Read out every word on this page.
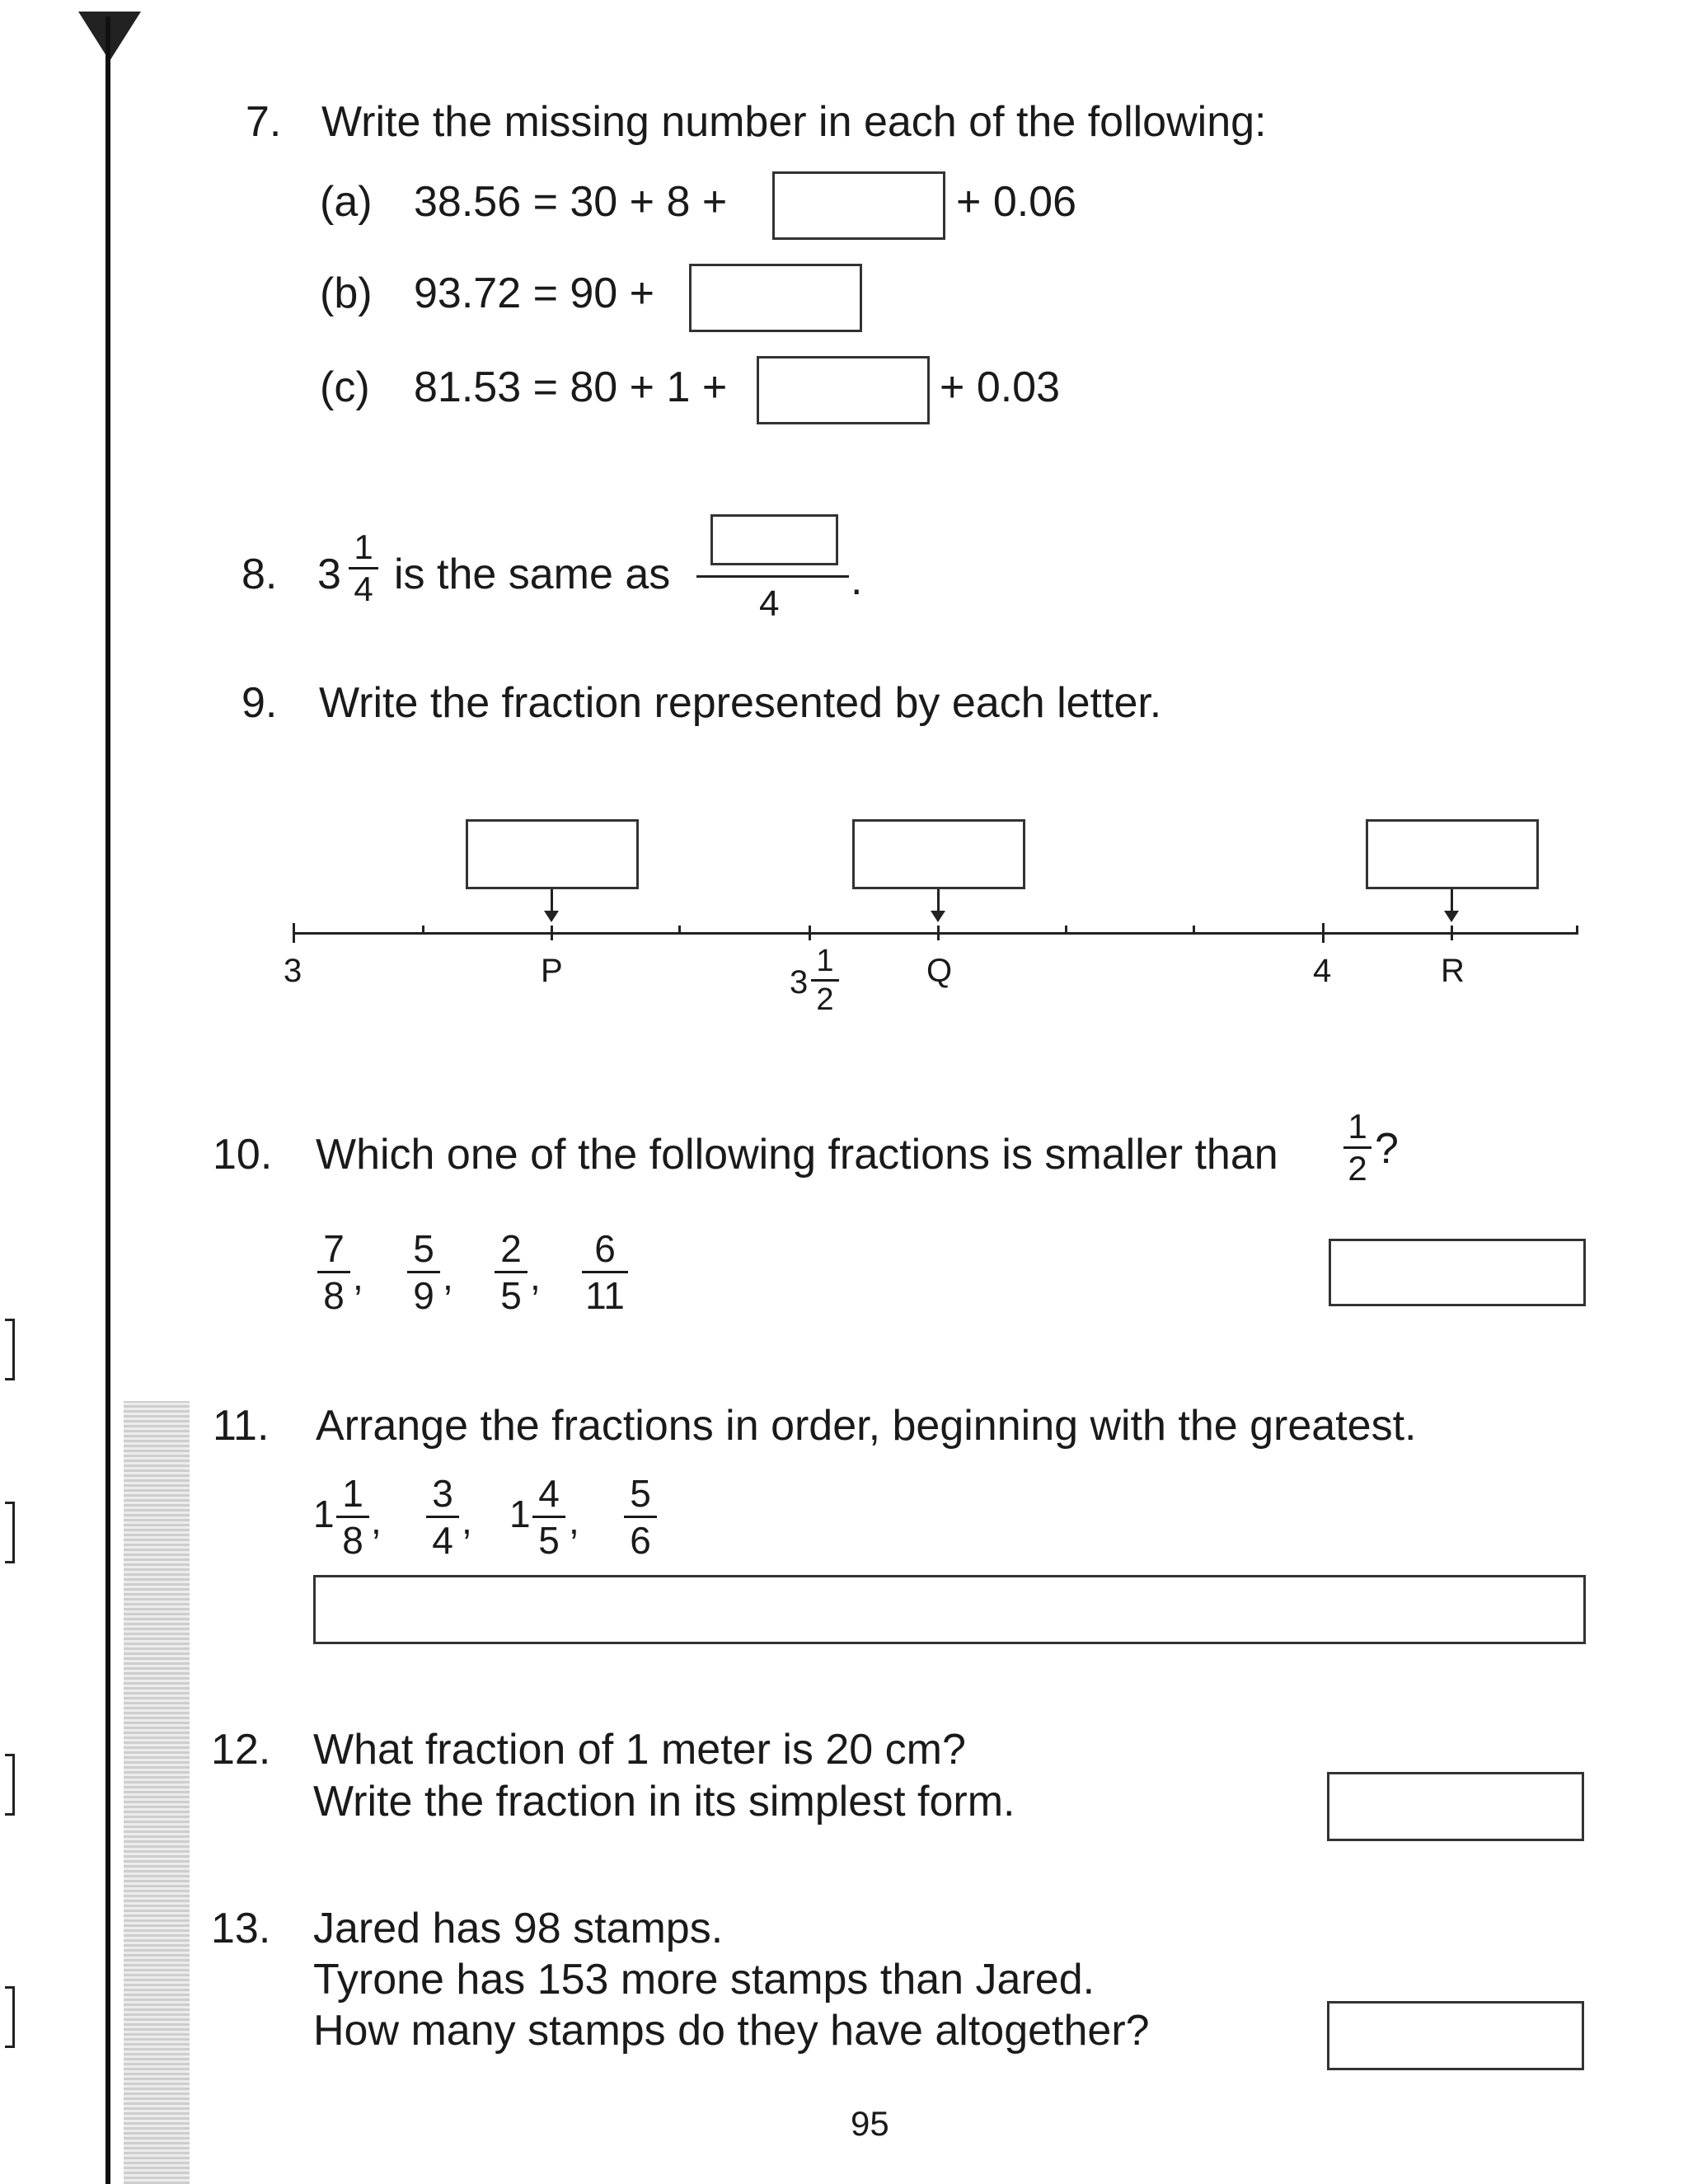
7. Write the missing number in each of the following:
(a) 38.56 = 30 + 8 +	+ 0.06
(b) 93.72 = 90 +
(c) 81.53 = 80 + 1 +	+ 0.03
8. 3
1
4 is the same as
4 .
9. Write the fraction represented by each letter.
3	P	3
1
2
Q	4	R
10. Which one of the following fractions is smaller than
1
2 ?
7
8 ,
5
9 ,
2
5 ,
6
11
11. Arrange the fractions in order, beginning with the greatest.
1 1
8 ,
3
4 , 1 4
5 ,
5
6
12. What fraction of 1 meter is 20 cm?
Write the fraction in its simplest form.
13. Jared has 98 stamps.
Tyrone has 153 more stamps than Jared.
How many stamps do they have altogether?
95
